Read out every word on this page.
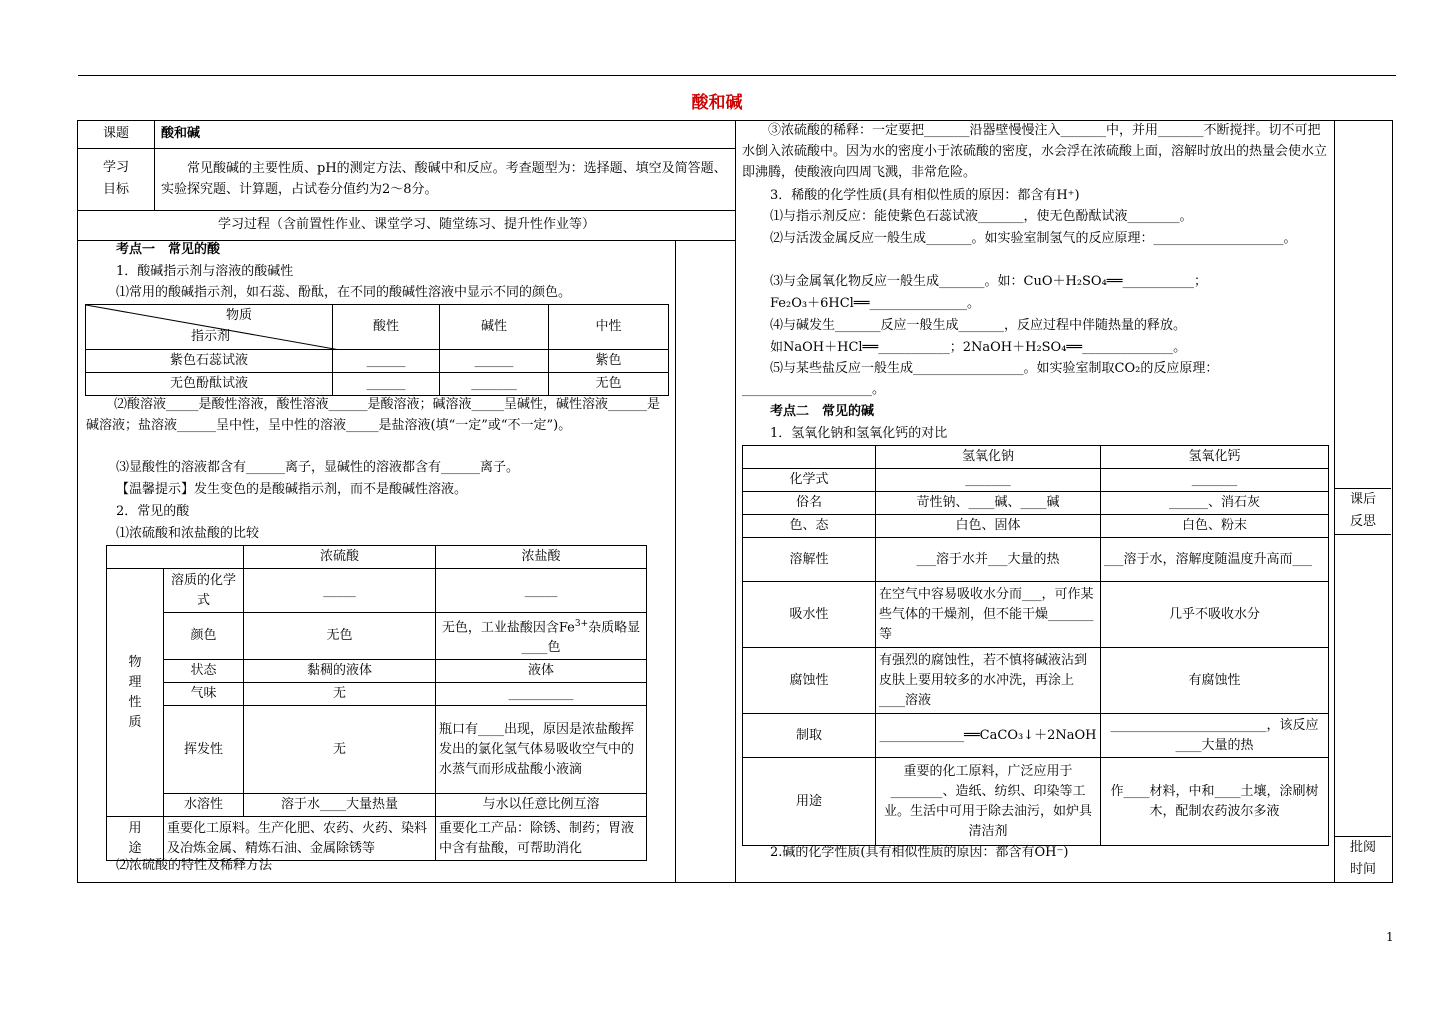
酸和碱
课题	酸和碱
学习
目标
常见酸碱的主要性质、pH的测定方法、酸碱中和反应。考查题型为：选择题、填空及简答题、实验探究题、计算题，占试卷分值约为2～8分。
学习过程（含前置性作业、课堂学习、随堂练习、提升性作业等）
考点一　常见的酸
1．酸碱指示剂与溶液的酸碱性
⑴常用的酸碱指示剂，如石蕊、酚酞，在不同的酸碱性溶液中显示不同的颜色。
物质
指示剂	酸性	碱性	中性
紫色石蕊试液	______	______	紫色
无色酚酞试液	______	_______	无色
⑵酸溶液_____是酸性溶液，酸性溶液______是酸溶液；碱溶液_____呈碱性，碱性溶液______是碱溶液；盐溶液______呈中性，呈中性的溶液_____是盐溶液(填“一定”或“不一定”)。
⑶显酸性的溶液都含有______离子，显碱性的溶液都含有______离子。
【温馨提示】发生变色的是酸碱指示剂，而不是酸碱性溶液。
2．常见的酸
⑴浓硫酸和浓盐酸的比较
		浓硫酸	浓盐酸
物理性质	溶质的化学式	_____	_____
	颜色	无色	无色，工业盐酸因含$Fe^{3+}$杂质略显____色
	状态	黏稠的液体	液体
	气味	无	__________
	挥发性	无	瓶口有____出现，原因是浓盐酸挥发出的氯化氢气体易吸收空气中的水蒸气而形成盐酸小液滴
	水溶性	溶于水____大量热量	与水以任意比例互溶
用途	重要化工原料。生产化肥、农药、火药、染料及冶炼金属、精炼石油、金属除锈等		重要化工产品：除锈、制药；胃液中含有盐酸，可帮助消化
⑵浓硫酸的特性及稀释方法
③浓硫酸的稀释：一定要把_______沿器壁慢慢注入_______中，并用_______不断搅拌。切不可把水倒入浓硫酸中。因为水的密度小于浓硫酸的密度，水会浮在浓硫酸上面，溶解时放出的热量会使水立即沸腾，使酸液向四周飞溅，非常危险。
3．稀酸的化学性质(具有相似性质的原因：都含有H⁺)
⑴与指示剂反应：能使紫色石蕊试液_______，使无色酚酞试液________。
⑵与活泼金属反应一般生成_______。如实验室制氢气的反应原理：____________________。
⑶与金属氧化物反应一般生成_______。如：CuO＋H₂SO₄══___________；
Fe₂O₃＋6HCl══_______________。
⑷与碱发生_______反应一般生成_______，反应过程中伴随热量的释放。
如NaOH＋HCl══___________；2NaOH＋H₂SO₄══______________。
⑸与某些盐反应一般生成_________________。如实验室制取CO₂的反应原理：____________________。
考点二　常见的碱
1．氢氧化钠和氢氧化钙的对比
	氢氧化钠	氢氧化钙
化学式	_______	_______
俗名	苛性钠、____碱、____碱	______、消石灰
色、态	白色、固体	白色、粉末
溶解性	___溶于水并___大量的热	___溶于水，溶解度随温度升高而___
吸水性	在空气中容易吸收水分而___，可作某些气体的干燥剂，但不能干燥_______等	几乎不吸收水分
腐蚀性	有强烈的腐蚀性，若不慎将碱液沾到皮肤上要用较多的水冲洗，再涂上____溶液	有腐蚀性
制取	_____________══CaCO₃↓＋2NaOH	________________________，该反应____大量的热
用途	重要的化工原料，广泛应用于________、造纸、纺织、印染等工业。生活中可用于除去油污，如炉具清洁剂	作____材料，中和____土壤，涂刷树木，配制农药波尔多液
2.碱的化学性质(具有相似性质的原因：都含有OH⁻)
课后
反思
批阅
时间
1
